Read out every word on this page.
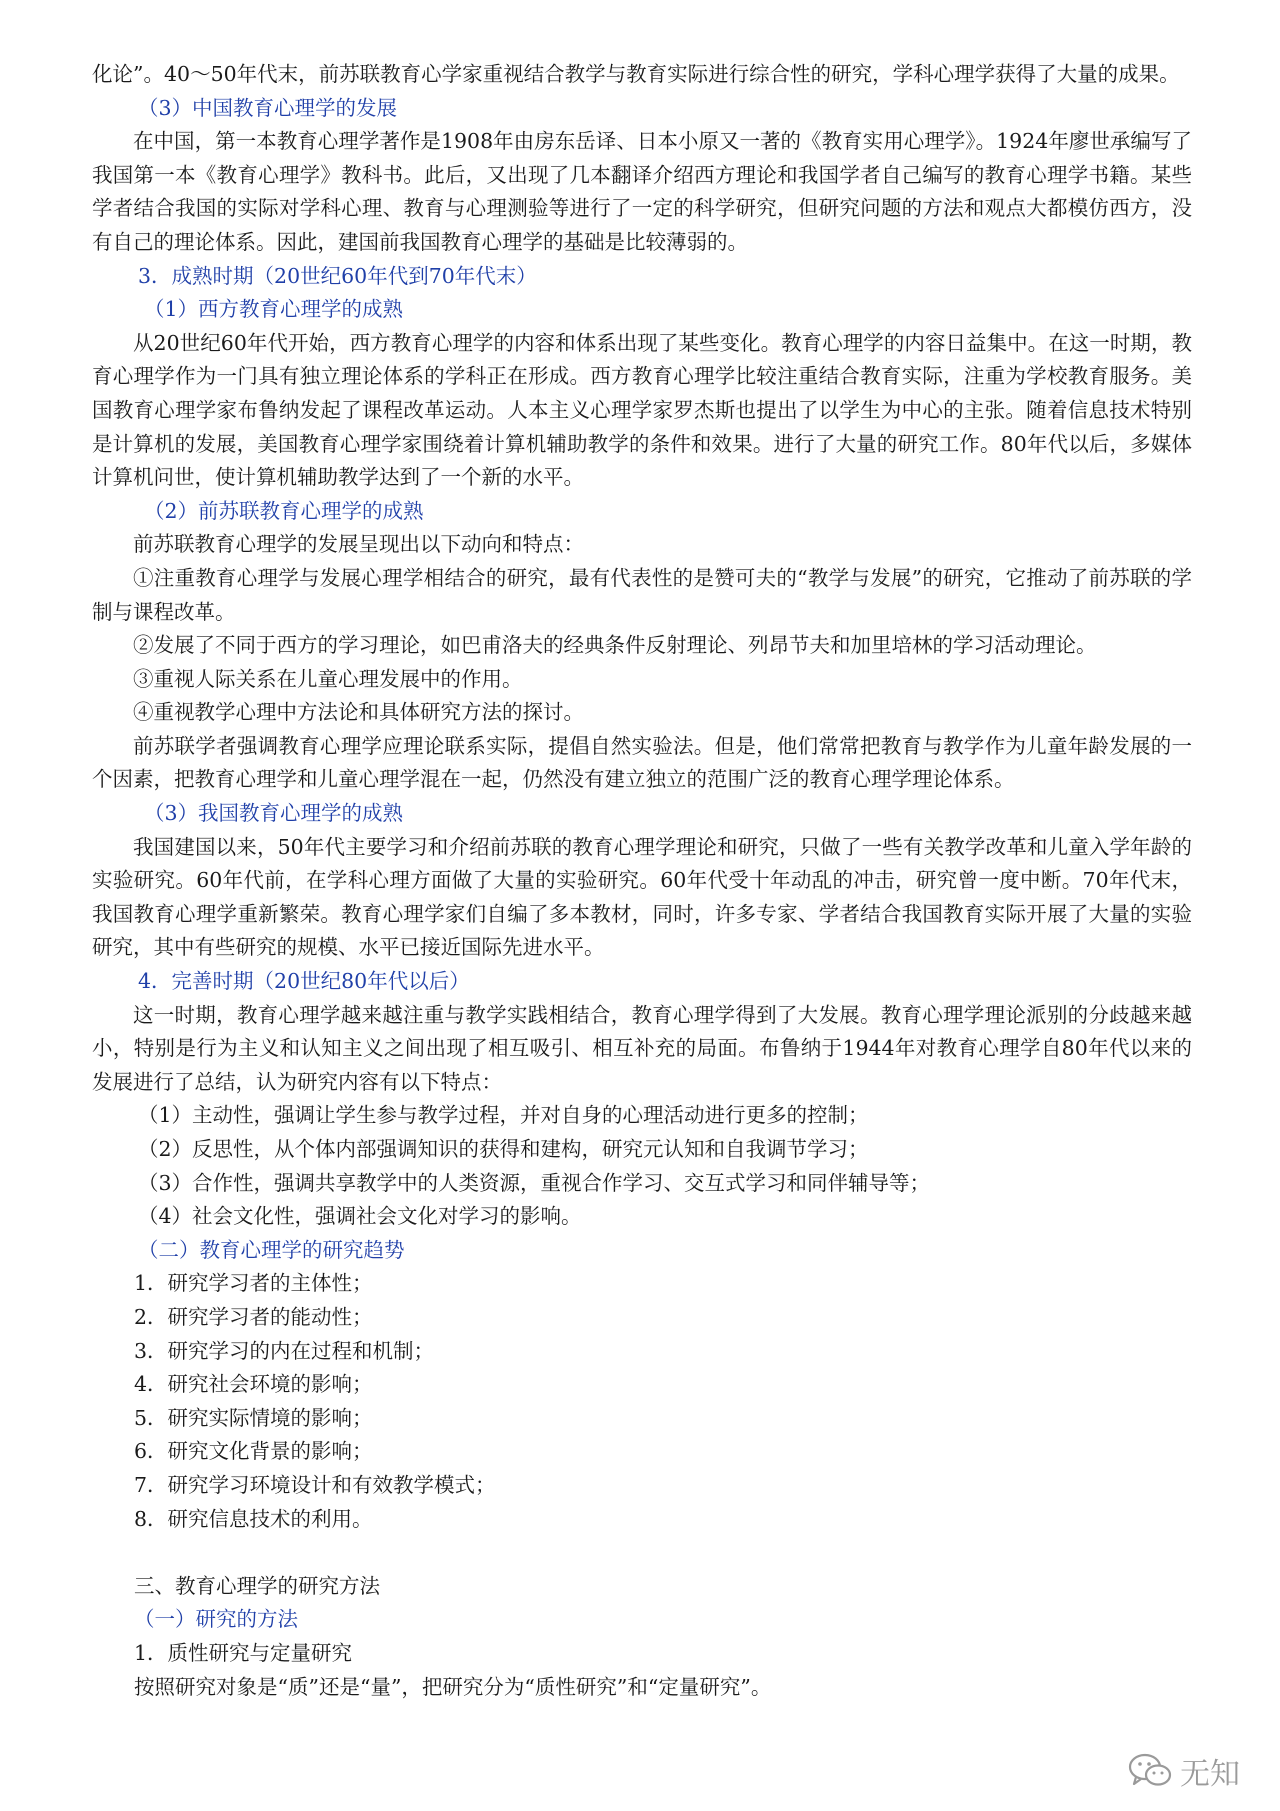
化论”。40～50年代末，前苏联教育心学家重视结合教学与教育实际进行综合性的研究，学科心理学获得了大量的成果。

（3）中国教育心理学的发展

在中国，第一本教育心理学著作是1908年由房东岳译、日本小原又一著的《教育实用心理学》。1924年廖世承编写了我国第一本《教育心理学》教科书。此后，又出现了几本翻译介绍西方理论和我国学者自己编写的教育心理学书籍。某些学者结合我国的实际对学科心理、教育与心理测验等进行了一定的科学研究，但研究问题的方法和观点大都模仿西方，没有自己的理论体系。因此，建国前我国教育心理学的基础是比较薄弱的。

3．成熟时期（20世纪60年代到70年代末）

（1）西方教育心理学的成熟

从20世纪60年代开始，西方教育心理学的内容和体系出现了某些变化。教育心理学的内容日益集中。在这一时期，教育心理学作为一门具有独立理论体系的学科正在形成。西方教育心理学比较注重结合教育实际，注重为学校教育服务。美国教育心理学家布鲁纳发起了课程改革运动。人本主义心理学家罗杰斯也提出了以学生为中心的主张。随着信息技术特别是计算机的发展，美国教育心理学家围绕着计算机辅助教学的条件和效果。进行了大量的研究工作。80年代以后，多媒体计算机问世，使计算机辅助教学达到了一个新的水平。

（2）前苏联教育心理学的成熟

前苏联教育心理学的发展呈现出以下动向和特点：

①注重教育心理学与发展心理学相结合的研究，最有代表性的是赞可夫的“教学与发展”的研究，它推动了前苏联的学制与课程改革。

②发展了不同于西方的学习理论，如巴甫洛夫的经典条件反射理论、列昂节夫和加里培林的学习活动理论。

③重视人际关系在儿童心理发展中的作用。

④重视教学心理中方法论和具体研究方法的探讨。

前苏联学者强调教育心理学应理论联系实际，提倡自然实验法。但是，他们常常把教育与教学作为儿童年龄发展的一个因素，把教育心理学和儿童心理学混在一起，仍然没有建立独立的范围广泛的教育心理学理论体系。

（3）我国教育心理学的成熟

我国建国以来，50年代主要学习和介绍前苏联的教育心理学理论和研究，只做了一些有关教学改革和儿童入学年龄的实验研究。60年代前，在学科心理方面做了大量的实验研究。60年代受十年动乱的冲击，研究曾一度中断。70年代末，我国教育心理学重新繁荣。教育心理学家们自编了多本教材，同时，许多专家、学者结合我国教育实际开展了大量的实验研究，其中有些研究的规模、水平已接近国际先进水平。

4．完善时期（20世纪80年代以后）

这一时期，教育心理学越来越注重与教学实践相结合，教育心理学得到了大发展。教育心理学理论派别的分歧越来越小，特别是行为主义和认知主义之间出现了相互吸引、相互补充的局面。布鲁纳于1944年对教育心理学自80年代以来的发展进行了总结，认为研究内容有以下特点：

（1）主动性，强调让学生参与教学过程，并对自身的心理活动进行更多的控制；

（2）反思性，从个体内部强调知识的获得和建构，研究元认知和自我调节学习；

（3）合作性，强调共享教学中的人类资源，重视合作学习、交互式学习和同伴辅导等；

（4）社会文化性，强调社会文化对学习的影响。

（二）教育心理学的研究趋势

1．研究学习者的主体性；

2．研究学习者的能动性；

3．研究学习的内在过程和机制；

4．研究社会环境的影响；

5．研究实际情境的影响；

6．研究文化背景的影响；

7．研究学习环境设计和有效教学模式；

8．研究信息技术的利用。

三、教育心理学的研究方法

（一）研究的方法

1．质性研究与定量研究

按照研究对象是“质”还是“量”，把研究分为“质性研究”和“定量研究”。

无知
